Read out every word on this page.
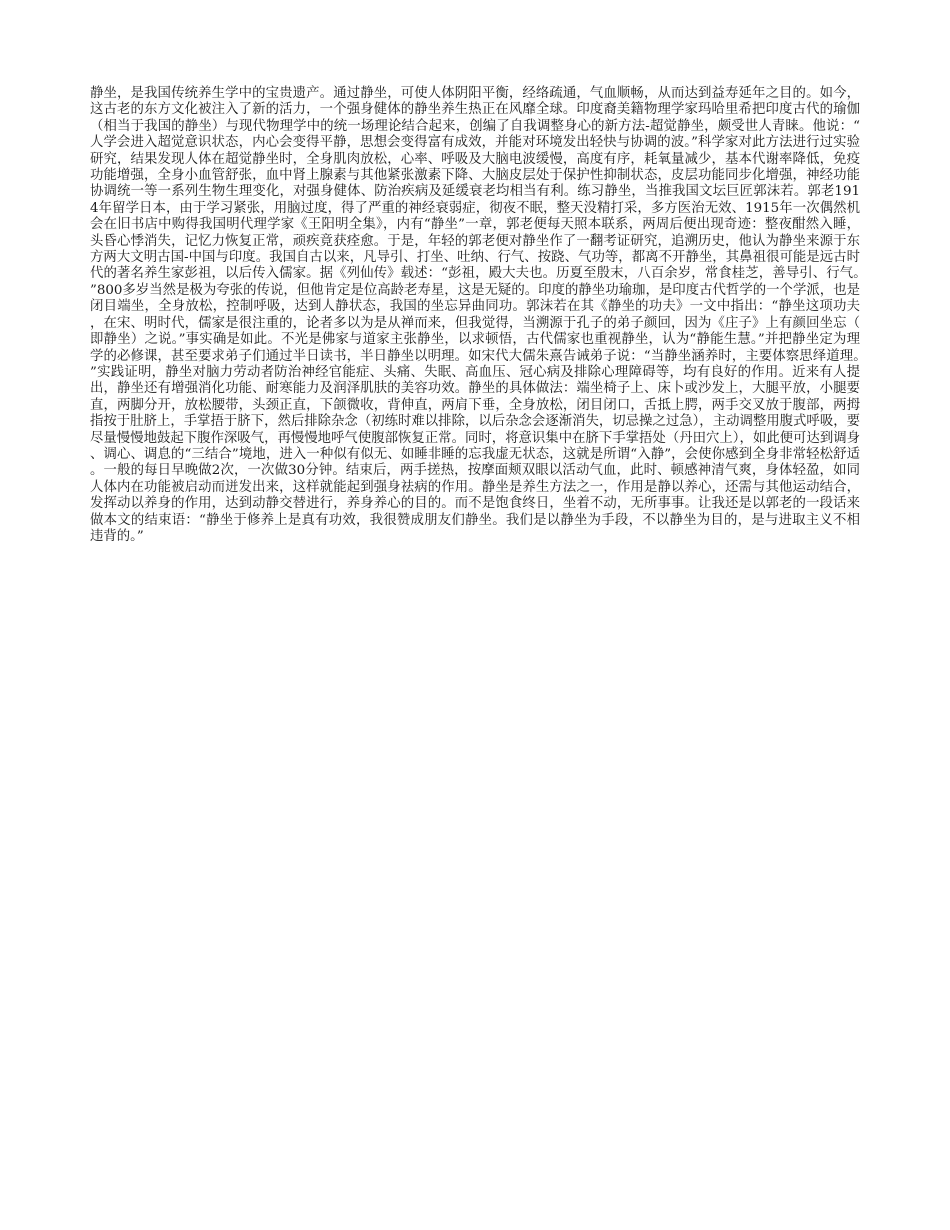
静坐，是我国传统养生学中的宝贵遗产。通过静坐，可使人体阴阳平衡，经络疏通，气血顺畅，从而达到益寿延年之目的。如今，这古老的东方文化被注入了新的活力，一个强身健体的静坐养生热正在风靡全球。印度裔美籍物理学家玛哈里希把印度古代的瑜伽（相当于我国的静坐）与现代物理学中的统一场理论结合起来，创编了自我调整身心的新方法-超觉静坐，颇受世人青睐。他说：“人学会进入超觉意识状态，内心会变得平静，思想会变得富有成效，并能对环境发出轻快与协调的波。”科学家对此方法进行过实验研究，结果发现人体在超觉静坐时，全身肌肉放松，心率、呼吸及大脑电波缓慢，高度有序，耗氧量减少，基本代谢率降低，免疫功能增强，全身小血管舒张，血中肾上腺素与其他紧张激素下降、大脑皮层处于保护性抑制状态，皮层功能同步化增强，神经功能协调统一等一系列生物生理变化，对强身健体、防治疾病及延缓衰老均相当有利。练习静坐，当推我国文坛巨匠郭沫若。郭老1914年留学日本，由于学习紧张，用脑过度，得了严重的神经衰弱症，彻夜不眠，整天没精打采，多方医治无效、1915年一次偶然机会在旧书店中购得我国明代理学家《王阳明全集》，内有“静坐”一章，郭老便每天照本联系，两周后便出现奇迹：整夜酣然入睡，头昏心悸消失，记忆力恢复正常，顽疾竟获痊愈。于是，年轻的郭老便对静坐作了一翻考证研究，追溯历史，他认为静坐来源于东方两大文明古国-中国与印度。我国自古以来，凡导引、打坐、吐纳、行气、按跷、气功等，都离不开静坐，其鼻祖很可能是远古时代的著名养生家彭祖，以后传入儒家。据《列仙传》载述：“彭祖，殿大夫也。历夏至殷末，八百余岁，常食桂芝，善导引、行气。”800多岁当然是极为夸张的传说，但他肯定是位高龄老寿星，这是无疑的。印度的静坐功瑜珈，是印度古代哲学的一个学派，也是闭目端坐，全身放松，控制呼吸，达到人静状态，我国的坐忘异曲同功。郭沫若在其《静坐的功夫》一文中指出：“静坐这项功夫，在宋、明时代，儒家是很注重的，论者多以为是从禅而来，但我觉得，当溯源于孔子的弟子颜回，因为《庄子》上有颜回坐忘（即静坐）之说。”事实确是如此。不光是佛家与道家主张静坐，以求顿悟，古代儒家也重视静坐，认为“静能生慧。”并把静坐定为理学的必修课，甚至要求弟子们通过半日读书，半日静坐以明理。如宋代大儒朱熹告诫弟子说：“当静坐涵养时，主要体察思绎道理。”实践证明，静坐对脑力劳动者防治神经官能症、头痛、失眠、高血压、冠心病及排除心理障碍等，均有良好的作用。近来有人提出，静坐还有增强消化功能、耐寒能力及润泽肌肤的美容功效。静坐的具体做法：端坐椅子上、床卜或沙发上，大腿平放，小腿要直，两脚分开，放松腰带，头颈正直，下颌微收，背伸直，两肩下垂，全身放松，闭目闭口，舌抵上腭，两手交叉放于腹部，两拇指按于肚脐上，手掌捂于脐下，然后排除杂念（初练时难以排除，以后杂念会逐渐消失，切忌操之过急），主动调整用腹式呼吸，要尽量慢慢地鼓起下腹作深吸气，再慢慢地呼气使腹部恢复正常。同时，将意识集中在脐下手掌捂处（丹田穴上），如此便可达到调身、调心、调息的“三结合”境地，进入一种似有似无、如睡非睡的忘我虚无状态，这就是所谓“入静”，会使你感到全身非常轻松舒适。一般的每日早晚做2次，一次做30分钟。结束后，两手搓热，按摩面颊双眼以活动气血，此时、顿感神清气爽，身体轻盈，如同人体内在功能被启动而迸发出来，这样就能起到强身祛病的作用。静坐是养生方法之一，作用是静以养心，还需与其他运动结合，发挥动以养身的作用，达到动静交替进行，养身养心的目的。而不是饱食终日，坐着不动，无所事事。让我还是以郭老的一段话来做本文的结束语：“静坐于修养上是真有功效，我很赞成朋友们静坐。我们是以静坐为手段，不以静坐为目的，是与进取主义不相违背的。”
